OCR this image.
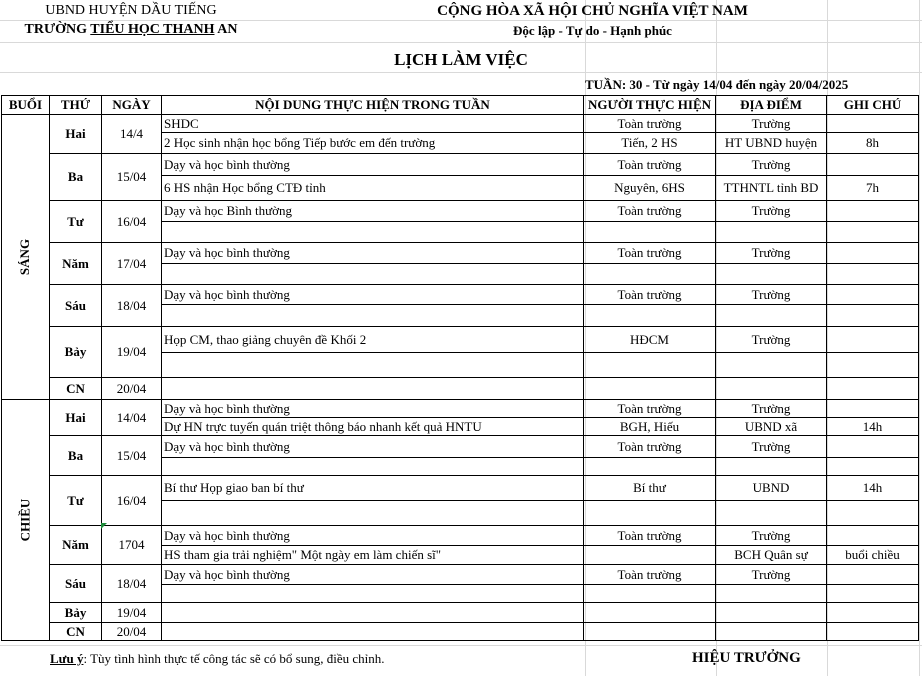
UBND HUYỆN DẦU TIẾNG
TRƯỜNG TIỂU HỌC THANH AN
CỘNG HÒA XÃ HỘI CHỦ NGHĨA VIỆT NAM
Độc lập - Tự do - Hạnh phúc
LỊCH LÀM VIỆC
TUẦN: 30 - Từ ngày 14/04 đến ngày 20/04/2025
BUỔI	THỨ	NGÀY	NỘI DUNG THỰC HIỆN TRONG TUẦN	NGƯỜI THỰC HIỆN	ĐỊA ĐIỂM	GHI CHÚ
SÁNG	Hai	14/4	SHDC	Toàn trường	Trường	
			2 Học sinh nhận học bổng Tiếp bước em đến trường	Tiến, 2 HS	HT UBND huyện	8h
	Ba	15/04	Dạy và học bình thường	Toàn trường	Trường	
			6 HS nhận Học bổng CTĐ tỉnh	Nguyên, 6HS	TTHNTL tỉnh BD	7h
	Tư	16/04	Dạy và học Bình thường	Toàn trường	Trường	

	Năm	17/04	Dạy và học bình thường	Toàn trường	Trường	

	Sáu	18/04	Dạy và học bình thường	Toàn trường	Trường	

	Bảy	19/04	Họp CM, thao giảng chuyên đề Khối 2	HĐCM	Trường	

	CN	20/04				
CHIỀU	Hai	14/04	Dạy và học bình thường	Toàn trường	Trường	
			Dự HN trực tuyến quán triệt thông báo nhanh kết quả HNTU	BGH, Hiếu	UBND xã	14h
	Ba	15/04	Dạy và học bình thường	Toàn trường	Trường	

	Tư	16/04	Bí thư Họp giao ban bí thư	Bí thư	UBND	14h

	Năm	1704	Dạy và học bình thường	Toàn trường	Trường	
			HS tham gia trải nghiệm" Một ngày em làm chiến sĩ"		BCH Quân sự	buổi chiều
	Sáu	18/04	Dạy và học bình thường	Toàn trường	Trường	

	Bảy	19/04				
	CN	20/04				
Lưu ý: Tùy tình hình thực tế công tác sẽ có bổ sung, điều chỉnh.	HIỆU TRƯỞNG
